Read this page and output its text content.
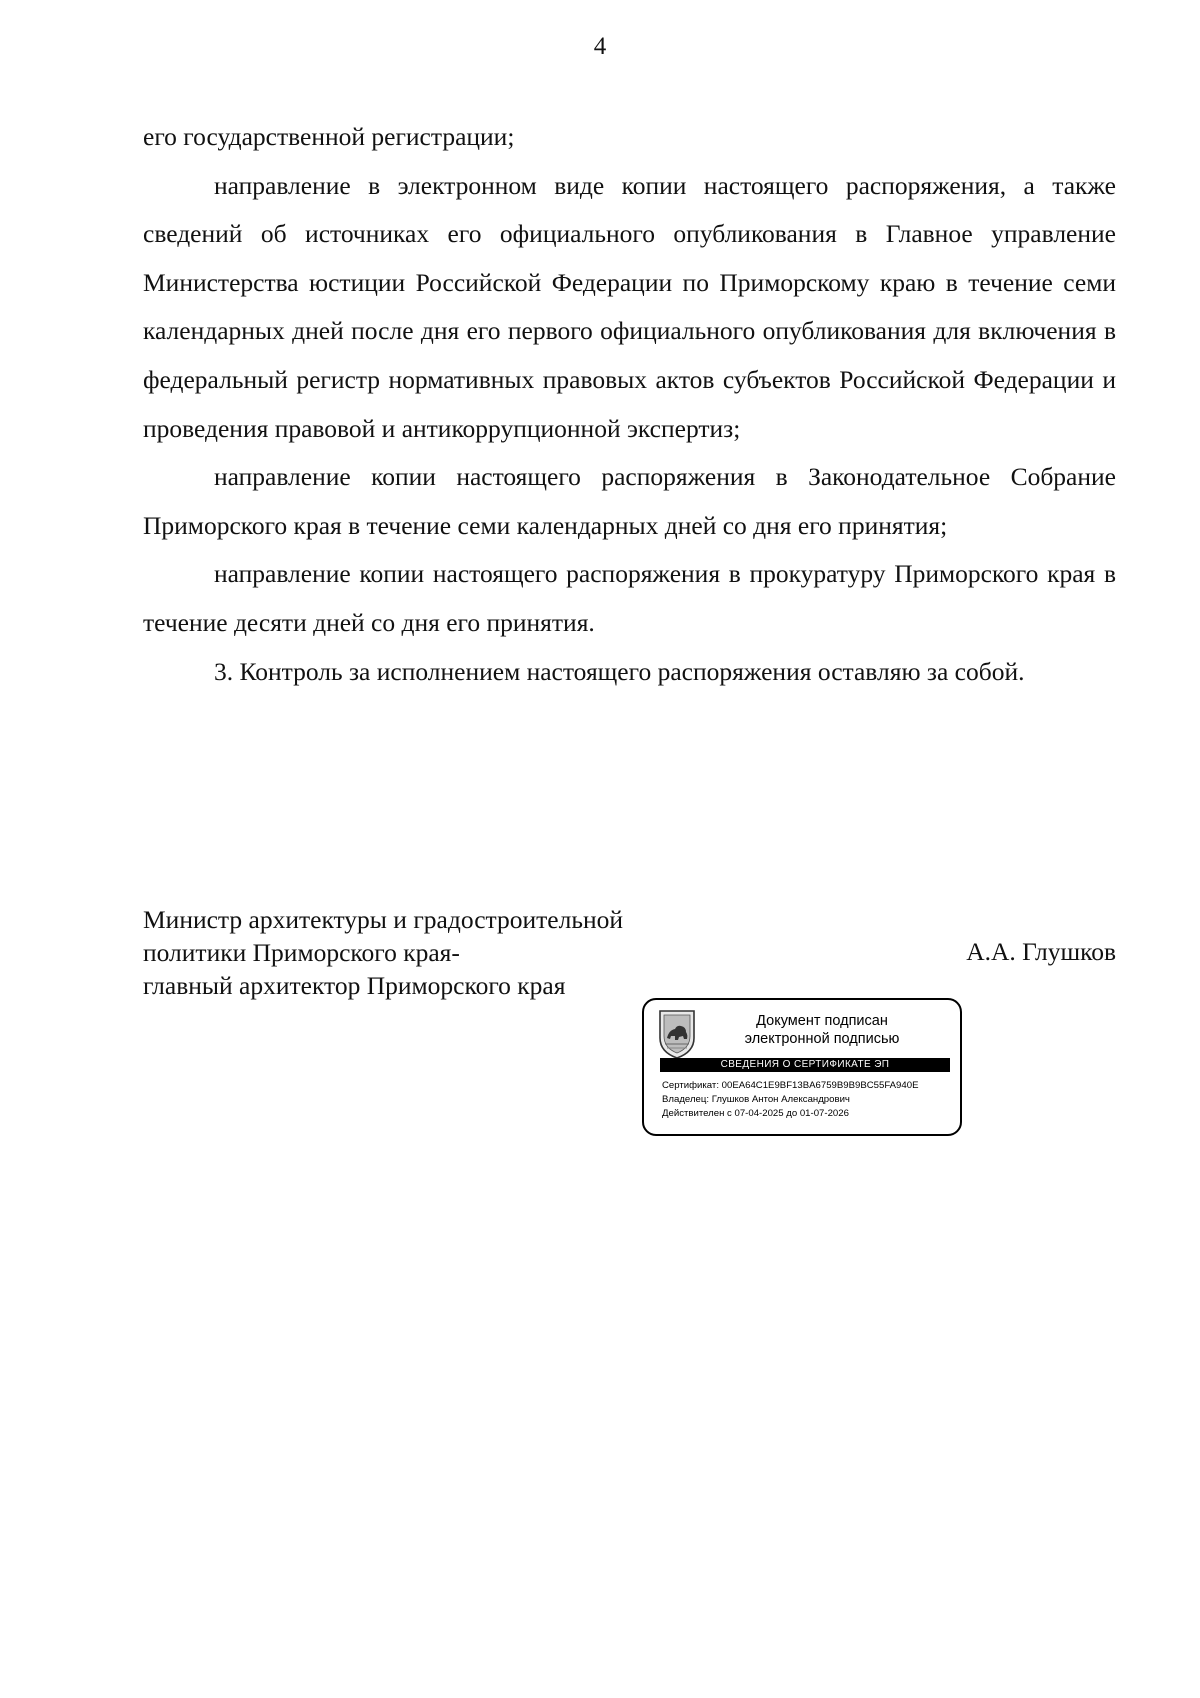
4

его государственной регистрации;

направление в электронном виде копии настоящего распоряжения, а также сведений об источниках его официального опубликования в Главное управление Министерства юстиции Российской Федерации по Приморскому краю в течение семи календарных дней после дня его первого официального опубликования для включения в федеральный регистр нормативных правовых актов субъектов Российской Федерации и проведения правовой и антикоррупционной экспертиз;

направление копии настоящего распоряжения в Законодательное Собрание Приморского края в течение семи календарных дней со дня его принятия;

направление копии настоящего распоряжения в прокуратуру Приморского края в течение десяти дней со дня его принятия.

3. Контроль за исполнением настоящего распоряжения оставляю за собой.

Министр архитектуры и градостроительной
политики Приморского края-
главный архитектор Приморского края
А.А. Глушков
Документ подписан
электронной подписью
СВЕДЕНИЯ О СЕРТИФИКАТЕ ЭП
Сертификат: 00EA64C1E9BF13BA6759B9B9BC55FA940E
Владелец: Глушков Антон Александрович
Действителен с 07-04-2025 до 01-07-2026
